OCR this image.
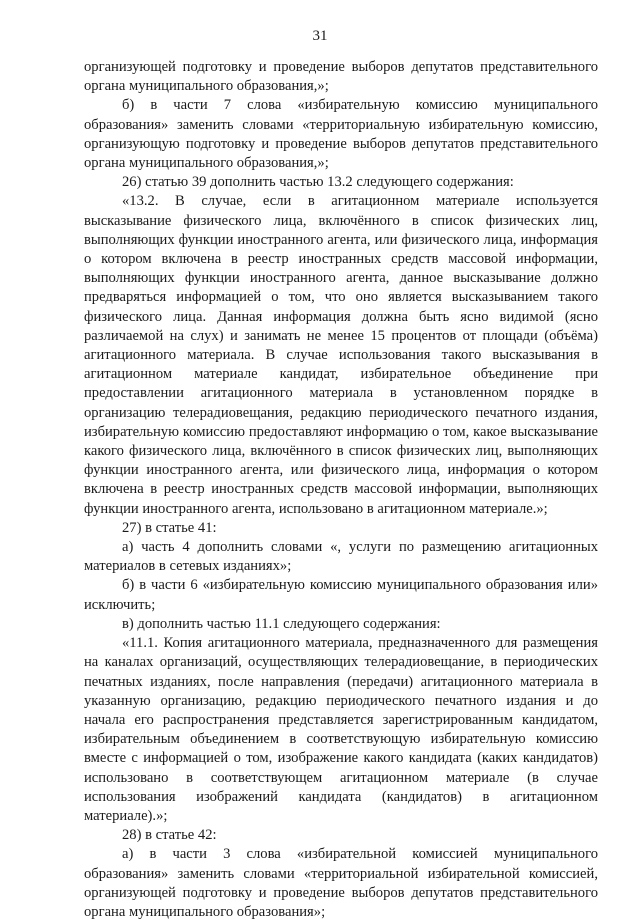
31

организующей подготовку и проведение выборов депутатов представительного органа муниципального образования,»;

б) в части 7 слова «избирательную комиссию муниципального образования» заменить словами «территориальную избирательную комиссию, организующую подготовку и проведение выборов депутатов представительного органа муниципального образования,»;

26) статью 39 дополнить частью 13.2 следующего содержания:

«13.2. В случае, если в агитационном материале используется высказывание физического лица, включённого в список физических лиц, выполняющих функции иностранного агента, или физического лица, информация о котором включена в реестр иностранных средств массовой информации, выполняющих функции иностранного агента, данное высказывание должно предваряться информацией о том, что оно является высказыванием такого физического лица. Данная информация должна быть ясно видимой (ясно различаемой на слух) и занимать не менее 15 процентов от площади (объёма) агитационного материала. В случае использования такого высказывания в агитационном материале кандидат, избирательное объединение при предоставлении агитационного материала в установленном порядке в организацию телерадиовещания, редакцию периодического печатного издания, избирательную комиссию предоставляют информацию о том, какое высказывание какого физического лица, включённого в список физических лиц, выполняющих функции иностранного агента, или физического лица, информация о котором включена в реестр иностранных средств массовой информации, выполняющих функции иностранного агента, использовано в агитационном материале.»;

27) в статье 41:

а) часть 4 дополнить словами «, услуги по размещению агитационных материалов в сетевых изданиях»;

б) в части 6 «избирательную комиссию муниципального образования или» исключить;

в) дополнить частью 11.1 следующего содержания:

«11.1. Копия агитационного материала, предназначенного для размещения на каналах организаций, осуществляющих телерадиовещание, в периодических печатных изданиях, после направления (передачи) агитационного материала в указанную организацию, редакцию периодического печатного издания и до начала его распространения представляется зарегистрированным кандидатом, избирательным объединением в соответствующую избирательную комиссию вместе с информацией о том, изображение какого кандидата (каких кандидатов) использовано в соответствующем агитационном материале (в случае использования изображений кандидата (кандидатов) в агитационном материале).»;

28) в статье 42:

а) в части 3 слова «избирательной комиссией муниципального образования» заменить словами «территориальной избирательной комиссией, организующей подготовку и проведение выборов депутатов представительного органа муниципального образования»;
